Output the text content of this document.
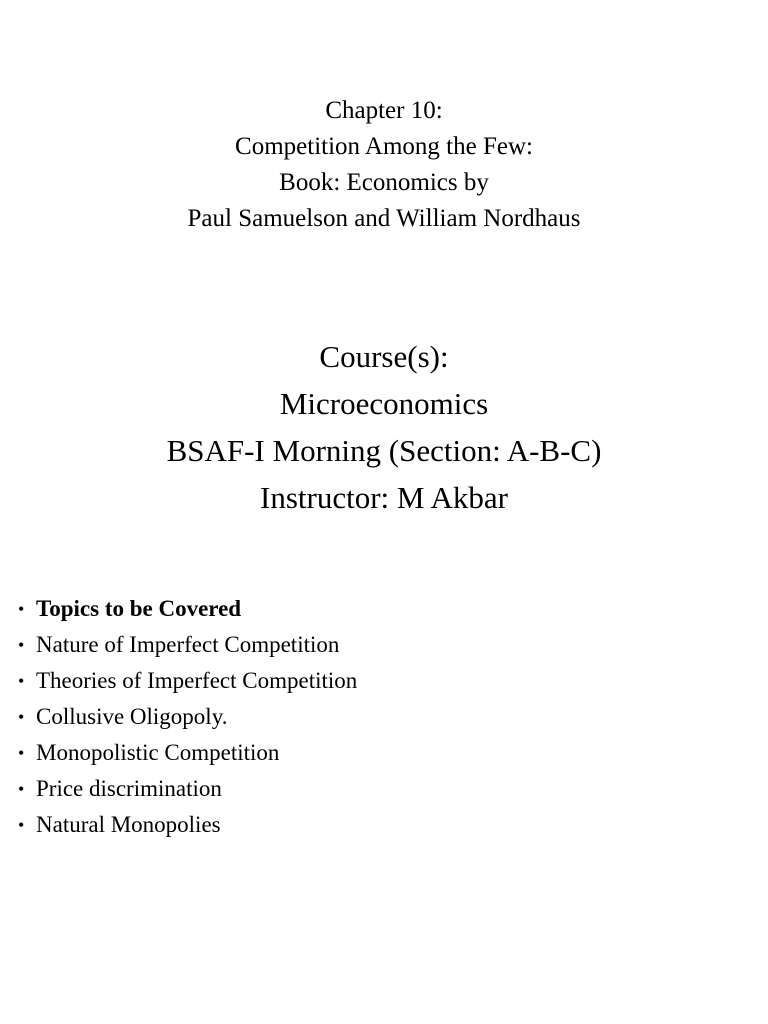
Chapter 10:
Competition Among the Few:
Book: Economics by
Paul Samuelson and William Nordhaus
Course(s):
Microeconomics
BSAF-I Morning (Section: A-B-C)
Instructor: M Akbar
• Topics to be Covered
• Nature of Imperfect Competition
• Theories of Imperfect Competition
• Collusive Oligopoly.
• Monopolistic Competition
• Price discrimination
• Natural Monopolies
